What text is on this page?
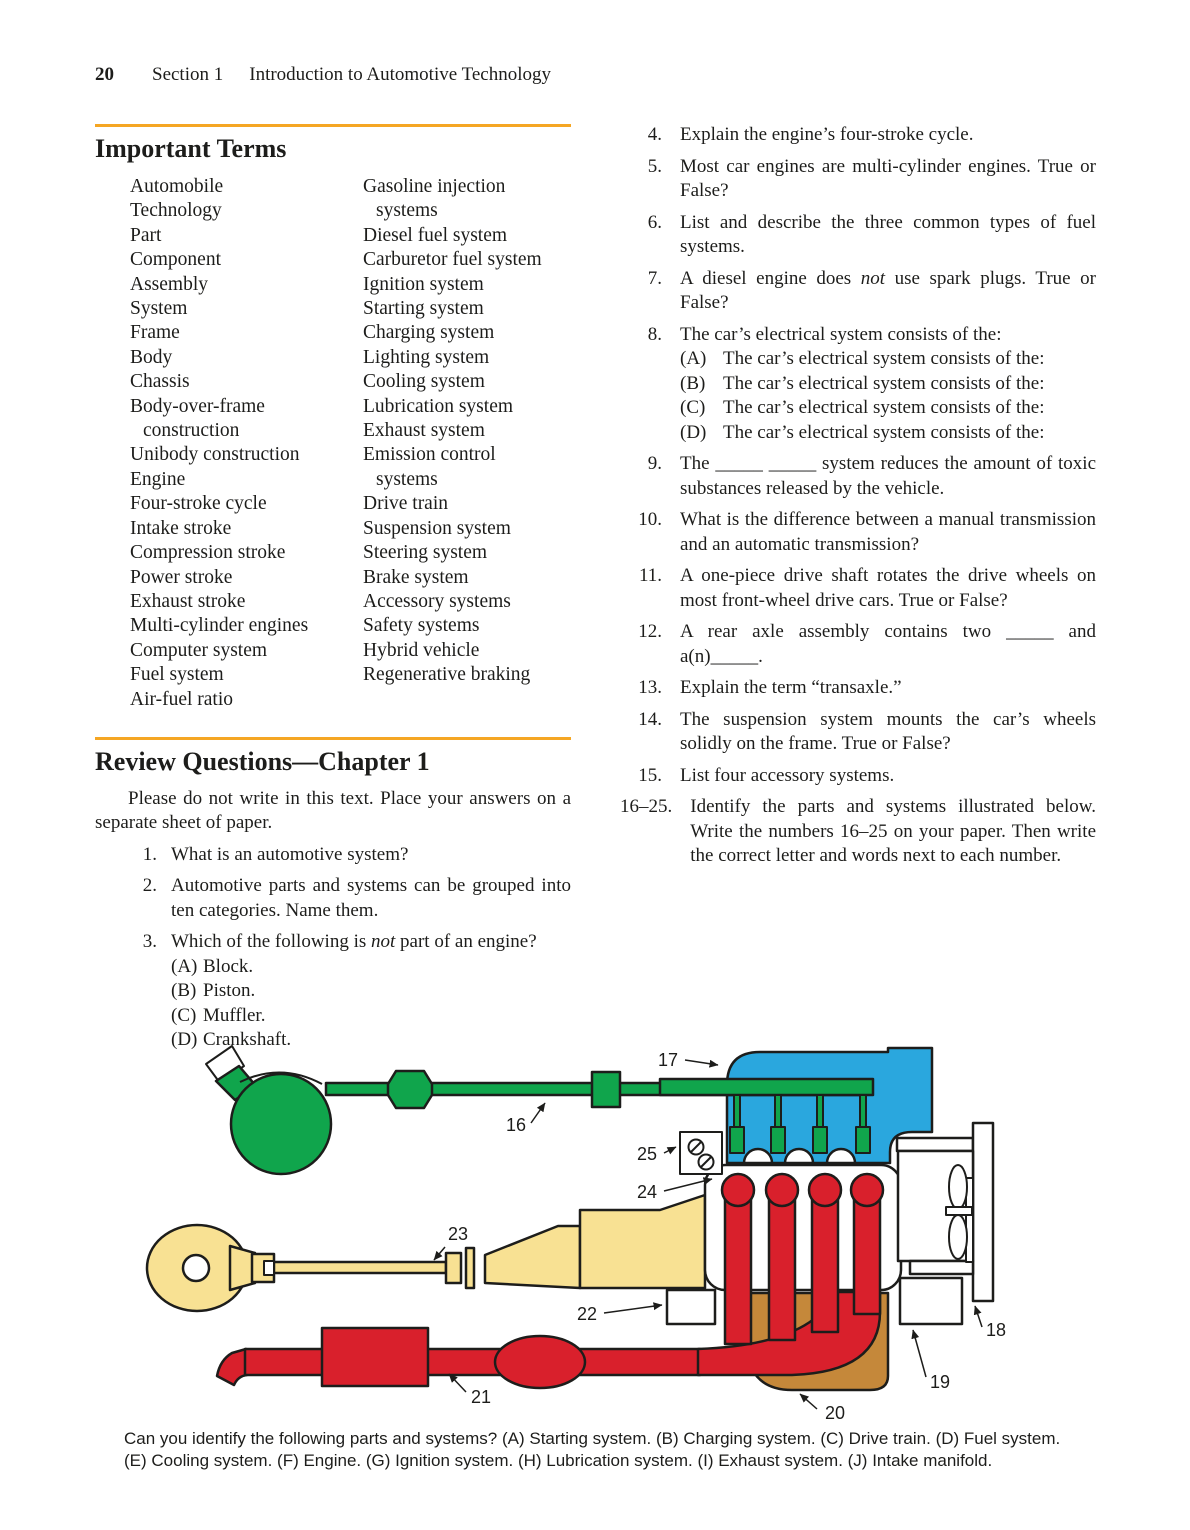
20 Section 1 Introduction to Automotive Technology
Important Terms
Automobile
Technology
Part
Component
Assembly
System
Frame
Body
Chassis
Body-over-frame construction
Unibody construction
Engine
Four-stroke cycle
Intake stroke
Compression stroke
Power stroke
Exhaust stroke
Multi-cylinder engines
Computer system
Fuel system
Air-fuel ratio
Gasoline injection systems
Diesel fuel system
Carburetor fuel system
Ignition system
Starting system
Charging system
Lighting system
Cooling system
Lubrication system
Exhaust system
Emission control systems
Drive train
Suspension system
Steering system
Brake system
Accessory systems
Safety systems
Hybrid vehicle
Regenerative braking
Review Questions—Chapter 1

Please do not write in this text. Place your answers on a separate sheet of paper.

1. What is an automotive system?
2. Automotive parts and systems can be grouped into ten categories. Name them.
3. Which of the following is not part of an engine?
(A) Block.
(B) Piston.
(C) Muffler.
(D) Crankshaft.
4. Explain the engine’s four-stroke cycle.
5. Most car engines are multi-cylinder engines. True or False?
6. List and describe the three common types of fuel systems.
7. A diesel engine does not use spark plugs. True or False?
8. The car’s electrical system consists of the:
(A) The car’s electrical system consists of the:
(B) The car’s electrical system consists of the:
(C) The car’s electrical system consists of the:
(D) The car’s electrical system consists of the:
9. The _____ _____ system reduces the amount of toxic substances released by the vehicle.
10. What is the difference between a manual transmission and an automatic transmission?
11. A one-piece drive shaft rotates the drive wheels on most front-wheel drive cars. True or False?
12. A rear axle assembly contains two _____ and a(n)_____.
13. Explain the term “transaxle.”
14. The suspension system mounts the car’s wheels solidly on the frame. True or False?
15. List four accessory systems.
16–25. Identify the parts and systems illustrated below. Write the numbers 16–25 on your paper. Then write the correct letter and words next to each number.
16
17
18
19
20
21
22
23
24
25
Can you identify the following parts and systems? (A) Starting system. (B) Charging system. (C) Drive train. (D) Fuel system.
(E) Cooling system. (F) Engine. (G) Ignition system. (H) Lubrication system. (I) Exhaust system. (J) Intake manifold.
